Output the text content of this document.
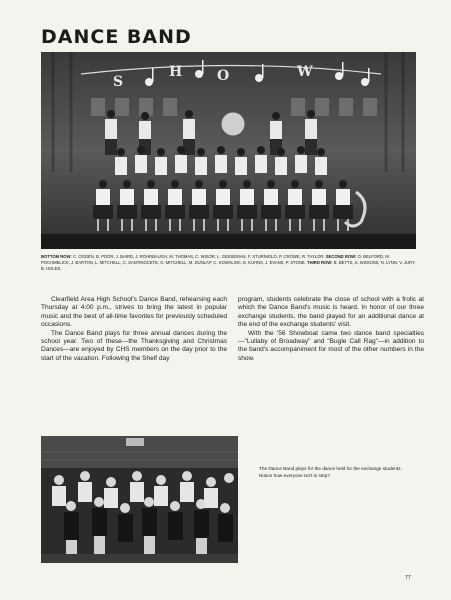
DANCE BAND
S
H O	W
BOTTOM ROW: C. OGDEN, B. POOR, J. BAIRD, J. ROHRBAUGH, M. THOMAS, C. WISOR, L. GEESEMAN, F. STURNIOLO, P. CROWE, R. TAYLOR. SECOND ROW: O. BELFORD, M. POCHMELICK, J. BARTON, L. MITCHELL, C. SANTINOCETE, G. MITCHELL, M. DUNLAP, C. KOWALSKI, D. KUHNS, J. EVANS, P. STONE. THIRD ROW: B. BETTS, S. WIGGINS, N. LYNN, V. JURY, B. HOLES.

Clearfield Area High School's Dance Band, rehearsing each Thursday at 4:00 p.m., strives to bring the latest in popular music and the best of all-time favorites for previously scheduled occasions.

The Dance Band plays for three annual dances during the school year. Two of these—the Thanksgiving and Christmas Dances—are enjoyed by CHS members on the day prior to the start of the vacation. Following the Shelf day

program, students celebrate the close of school with a frolic at which the Dance Band's music is heard. In honor of our three exchange students, the band played for an additional dance at the end of the exchange students' visit.

With the '56 Showboat came two dance band specialties—"Lullaby of Broadway" and "Bugle Call Rag"—in addition to the band's accompaniment for most of the other numbers in the show.

The Dance Band plays for the dance held for the exchange students. Notice how everyone isn't in step?
77
